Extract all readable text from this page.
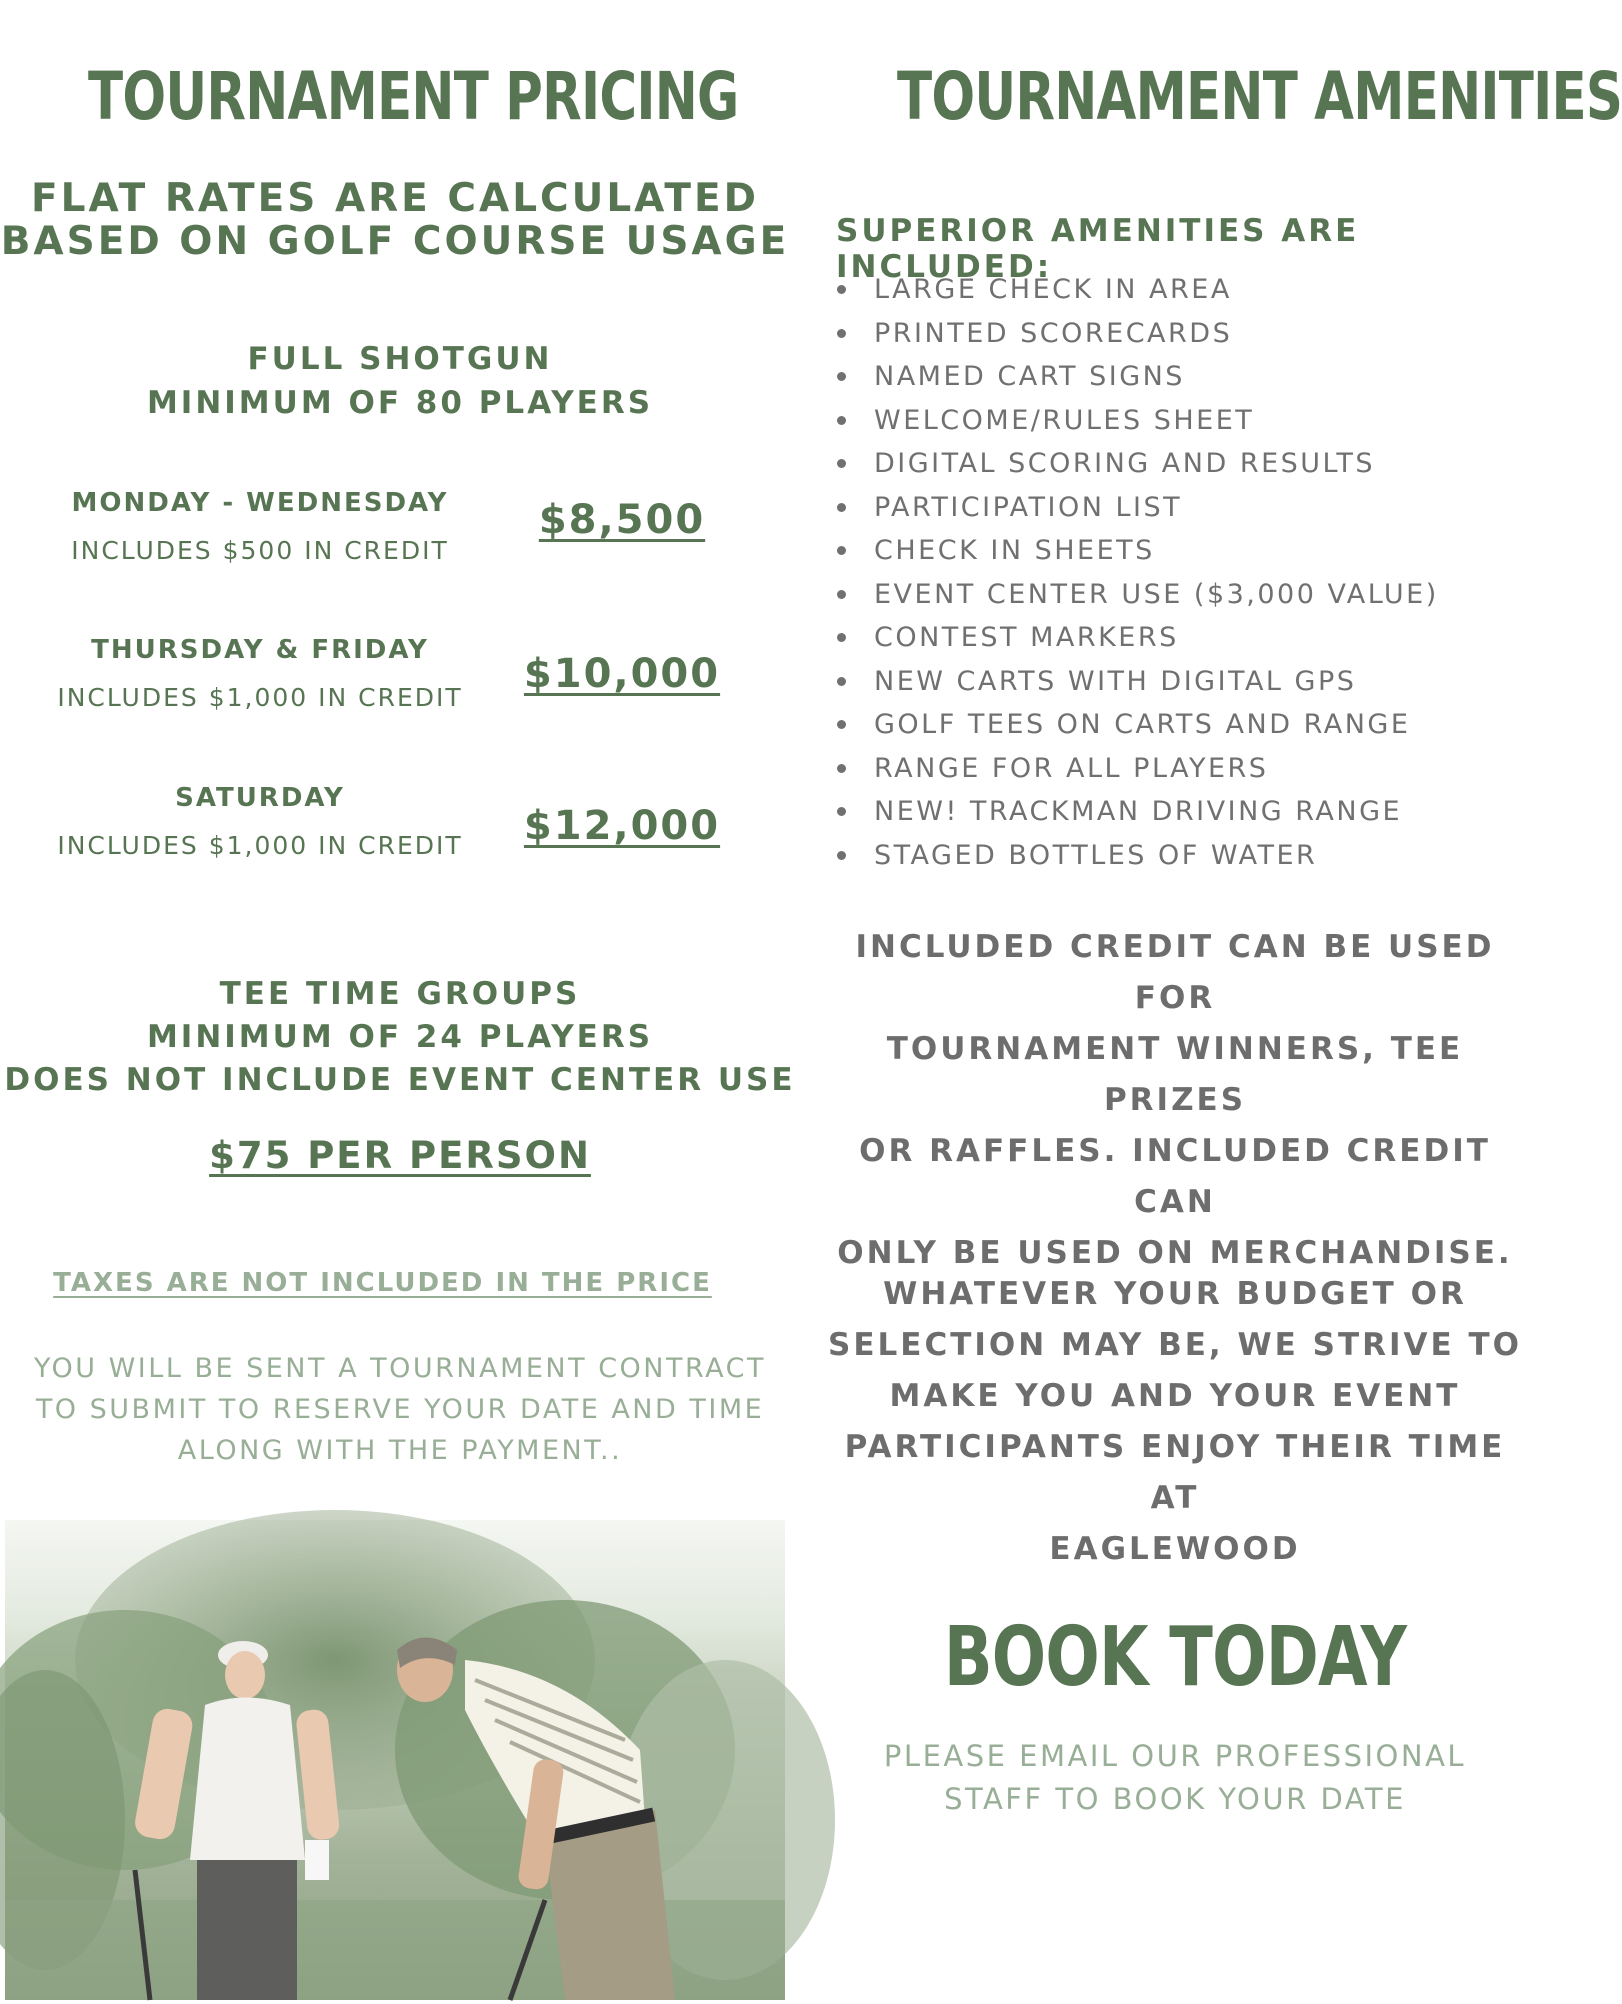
TOURNAMENT PRICING
FLAT RATES ARE CALCULATED
BASED ON GOLF COURSE USAGE
FULL SHOTGUN
MINIMUM OF 80 PLAYERS
MONDAY - WEDNESDAY
INCLUDES $500 IN CREDIT
$8,500
THURSDAY & FRIDAY
INCLUDES $1,000 IN CREDIT
$10,000
SATURDAY
INCLUDES $1,000 IN CREDIT	$12,000
TEE TIME GROUPS
MINIMUM OF 24 PLAYERS
DOES NOT INCLUDE EVENT CENTER USE
$75 PER PERSON
TAXES ARE NOT INCLUDED IN THE PRICE
YOU WILL BE SENT A TOURNAMENT CONTRACT
TO SUBMIT TO RESERVE YOUR DATE AND TIME
ALONG WITH THE PAYMENT..
TOURNAMENT AMENITIES
SUPERIOR AMENITIES ARE INCLUDED:
LARGE CHECK IN AREA
PRINTED SCORECARDS
NAMED CART SIGNS
WELCOME/RULES SHEET
DIGITAL SCORING AND RESULTS
PARTICIPATION LIST
CHECK IN SHEETS
EVENT CENTER USE ($3,000 VALUE)
CONTEST MARKERS
NEW CARTS WITH DIGITAL GPS
GOLF TEES ON CARTS AND RANGE
RANGE FOR ALL PLAYERS
NEW! TRACKMAN DRIVING RANGE
STAGED BOTTLES OF WATER
INCLUDED CREDIT CAN BE USED FOR
TOURNAMENT WINNERS, TEE PRIZES
OR RAFFLES. INCLUDED CREDIT CAN
ONLY BE USED ON MERCHANDISE.
WHATEVER YOUR BUDGET OR
SELECTION MAY BE, WE STRIVE TO
MAKE YOU AND YOUR EVENT
PARTICIPANTS ENJOY THEIR TIME AT
EAGLEWOOD
BOOK TODAY
PLEASE EMAIL OUR PROFESSIONAL
STAFF TO BOOK YOUR DATE
